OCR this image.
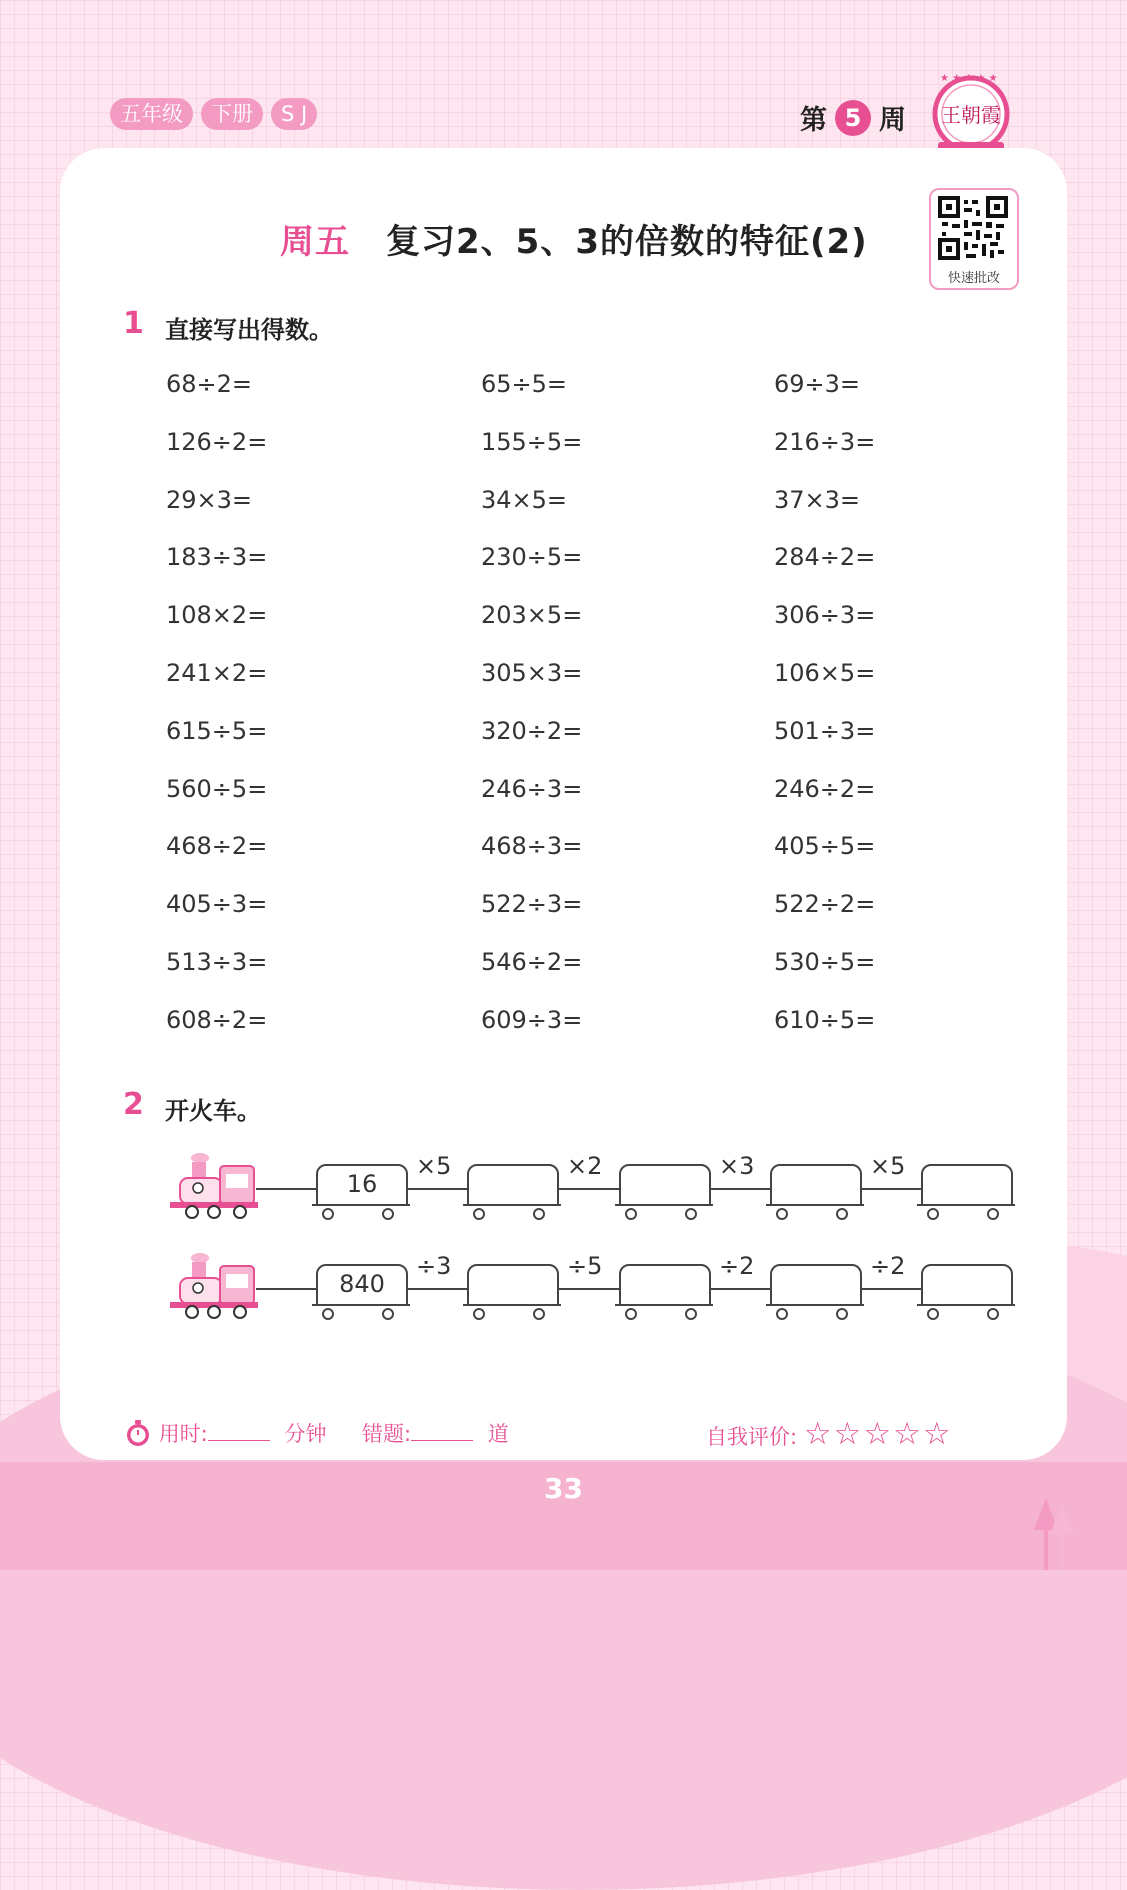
五年级	下册	S J	第 5 周
★ ★ ★ ★ ★
王朝霞
周五 复习2、5、3的倍数的特征(2)
快速批改
1 直接写出得数。
68÷2=	65÷5=	69÷3=
126÷2=	155÷5=	216÷3=
29×3=	34×5=	37×3=
183÷3=	230÷5=	284÷2=
108×2=	203×5=	306÷3=
241×2=	305×3=	106×5=
615÷5=	320÷2=	501÷3=
560÷5=	246÷3=	246÷2=
468÷2=	468÷3=	405÷5=
405÷3=	522÷3=	522÷2=
513÷3=	546÷2=	530÷5=
608÷2=	609÷3=	610÷5=
2 开火车。
16
×5	×2	×3	×5
840
÷3	÷5	÷2	÷2
用时:	分钟 错题:	道	自我评价: ☆☆☆☆☆
33
